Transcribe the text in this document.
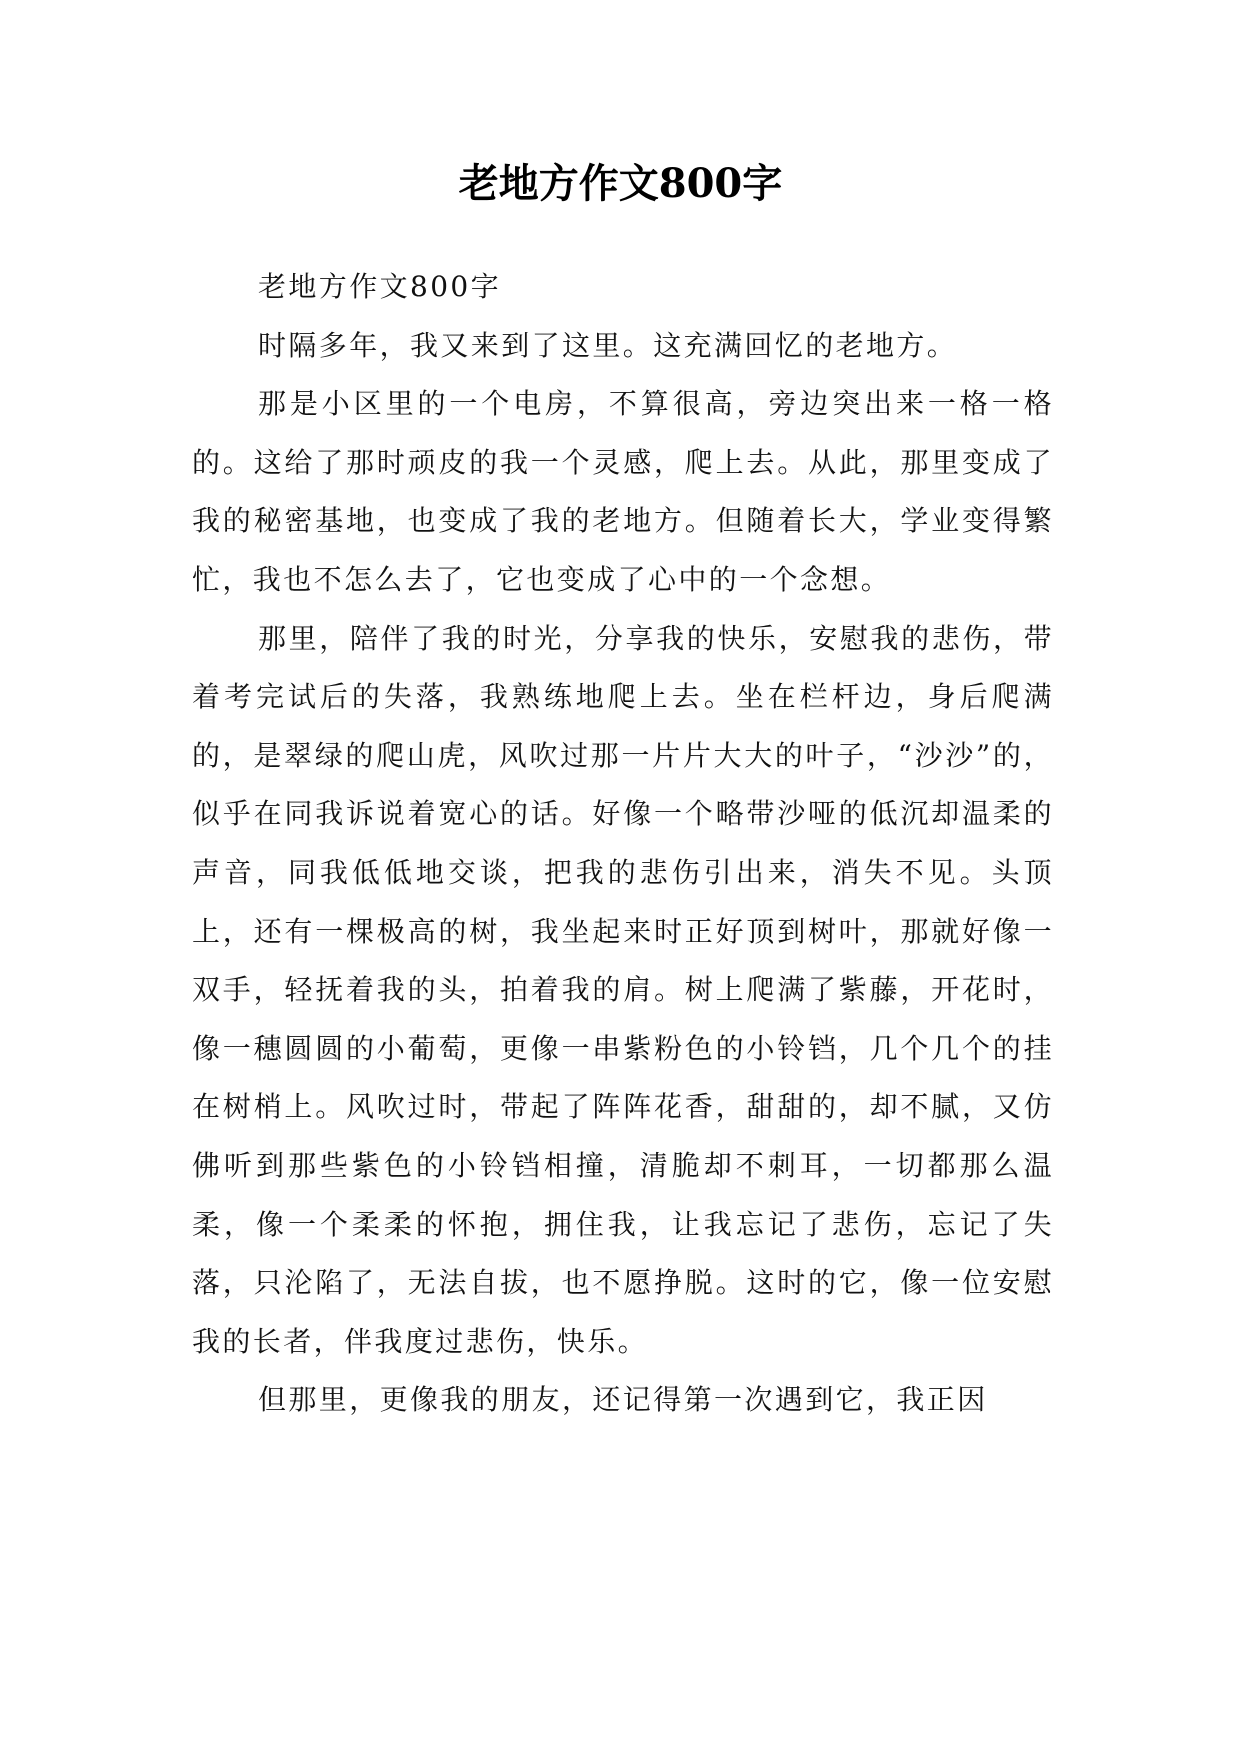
老地方作文800字

老地方作文800字

时隔多年，我又来到了这里。这充满回忆的老地方。

那是小区里的一个电房，不算很高，旁边突出来一格一格的。这给了那时顽皮的我一个灵感，爬上去。从此，那里变成了我的秘密基地，也变成了我的老地方。但随着长大，学业变得繁忙，我也不怎么去了，它也变成了心中的一个念想。

那里，陪伴了我的时光，分享我的快乐，安慰我的悲伤，带着考完试后的失落，我熟练地爬上去。坐在栏杆边，身后爬满的，是翠绿的爬山虎，风吹过那一片片大大的叶子，“沙沙”的，似乎在同我诉说着宽心的话。好像一个略带沙哑的低沉却温柔的声音，同我低低地交谈，把我的悲伤引出来，消失不见。头顶上，还有一棵极高的树，我坐起来时正好顶到树叶，那就好像一双手，轻抚着我的头，拍着我的肩。树上爬满了紫藤，开花时，像一穗圆圆的小葡萄，更像一串紫粉色的小铃铛，几个几个的挂在树梢上。风吹过时，带起了阵阵花香，甜甜的，却不腻，又仿佛听到那些紫色的小铃铛相撞，清脆却不刺耳，一切都那么温柔，像一个柔柔的怀抱，拥住我，让我忘记了悲伤，忘记了失落，只沦陷了，无法自拔，也不愿挣脱。这时的它，像一位安慰我的长者，伴我度过悲伤，快乐。

但那里，更像我的朋友，还记得第一次遇到它，我正因
